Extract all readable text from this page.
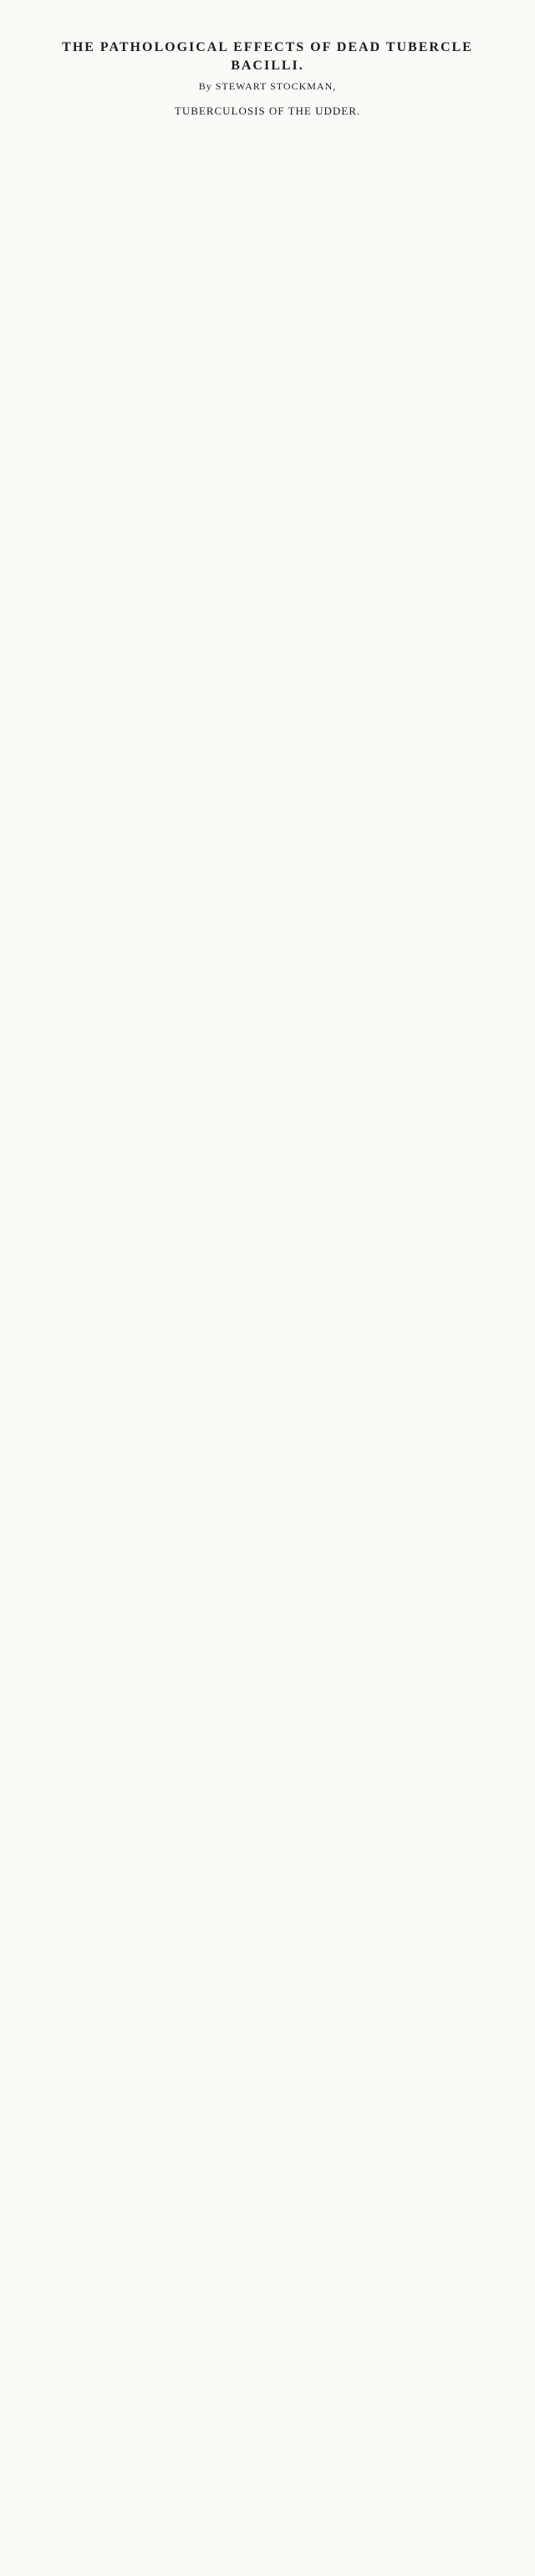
THE PATHOLOGICAL EFFECTS OF DEAD TUBERCLE BACILLI.

By STEWART STOCKMAN,

TUBERCULOSIS OF THE UDDER.
